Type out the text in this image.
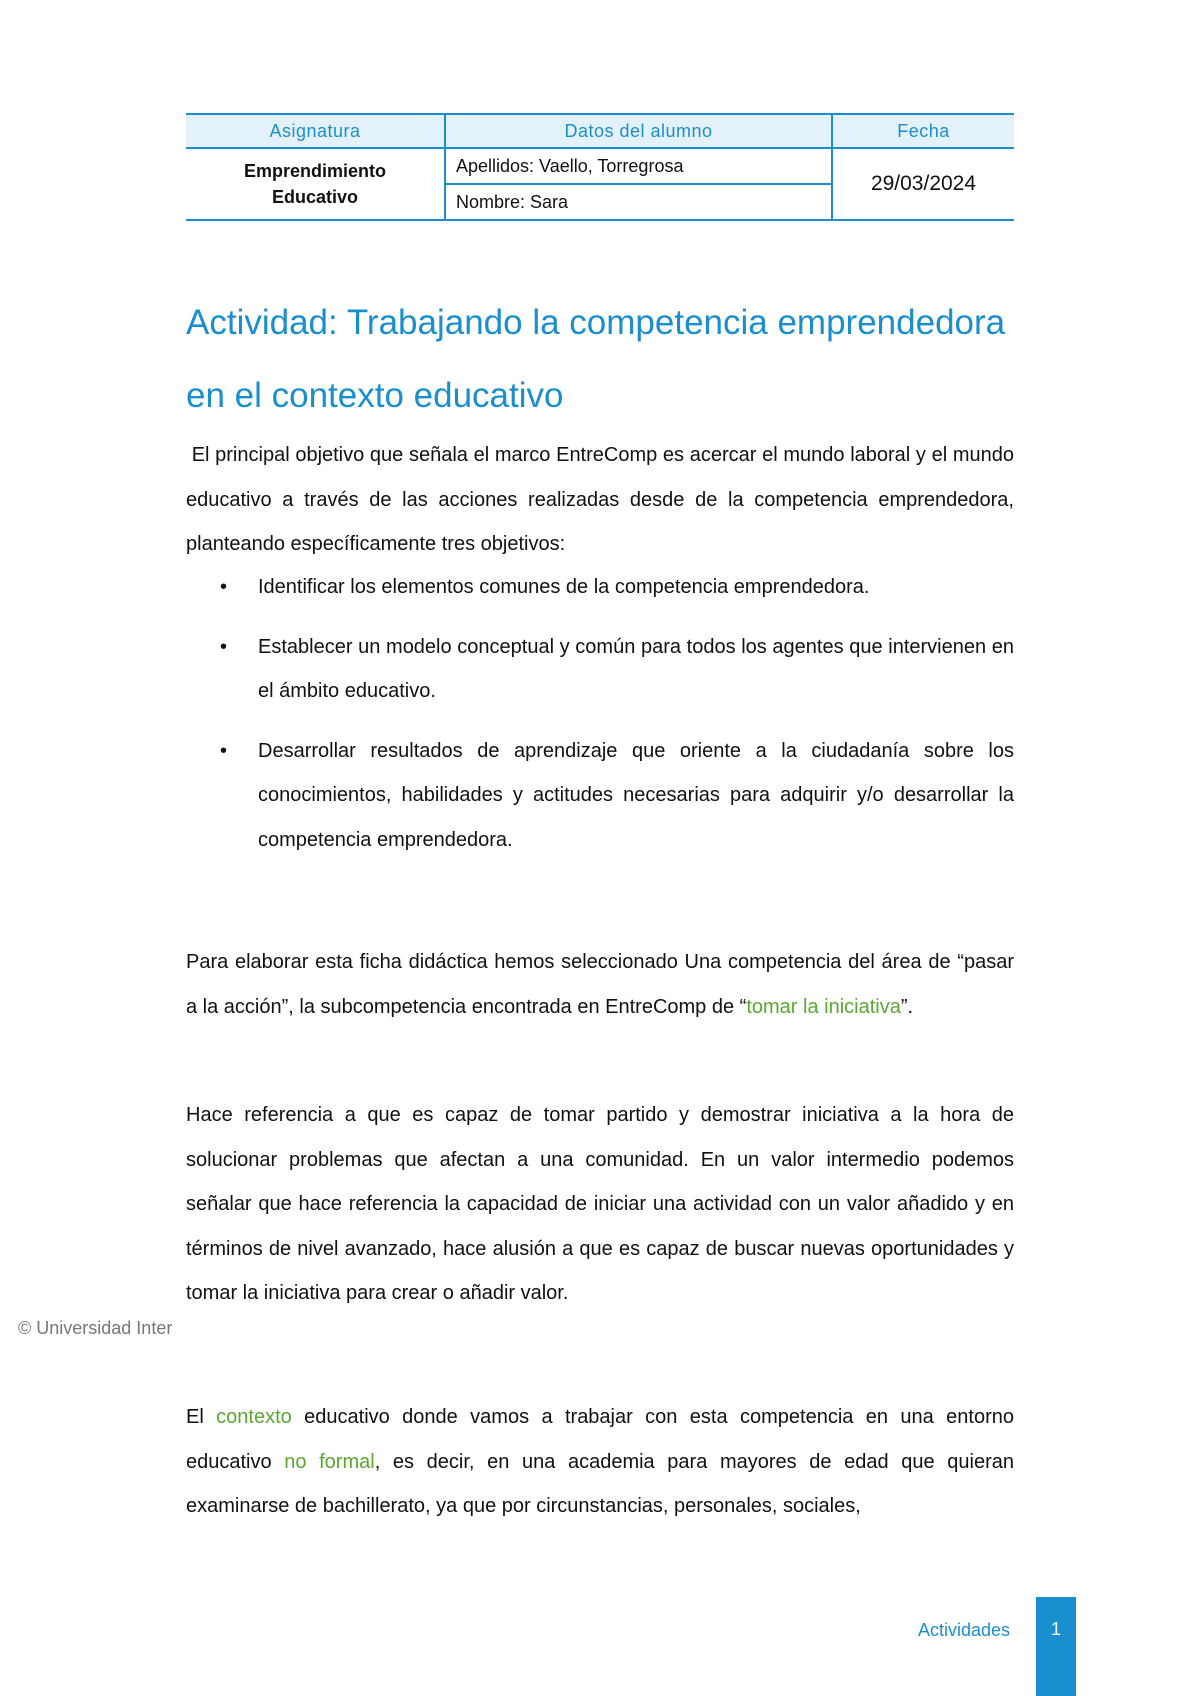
Asignatura	Datos del alumno	Fecha

Emprendimiento
Educativo	Apellidos: Vaello, Torregrosa	29/03/2024
	Nombre: Sara	
Actividad: Trabajando la competencia emprendedora en el contexto educativo

El principal objetivo que señala el marco EntreComp es acercar el mundo laboral y el mundo educativo a través de las acciones realizadas desde de la competencia emprendedora, planteando específicamente tres objetivos:

• Identificar los elementos comunes de la competencia emprendedora.
• Establecer un modelo conceptual y común para todos los agentes que intervienen en el ámbito educativo.
• Desarrollar resultados de aprendizaje que oriente a la ciudadanía sobre los conocimientos, habilidades y actitudes necesarias para adquirir y/o desarrollar la competencia emprendedora.

Para elaborar esta ficha didáctica hemos seleccionado Una competencia del área de “pasar a la acción”, la subcompetencia encontrada en EntreComp de “tomar la iniciativa”.

Hace referencia a que es capaz de tomar partido y demostrar iniciativa a la hora de solucionar problemas que afectan a una comunidad. En un valor intermedio podemos señalar que hace referencia la capacidad de iniciar una actividad con un valor añadido y en términos de nivel avanzado, hace alusión a que es capaz de buscar nuevas oportunidades y tomar la iniciativa para crear o añadir valor.

© Universidad Inter

El contexto educativo donde vamos a trabajar con esta competencia en una entorno educativo no formal, es decir, en una academia para mayores de edad que quieran examinarse de bachillerato, ya que por circunstancias, personales, sociales,

Actividades	1
